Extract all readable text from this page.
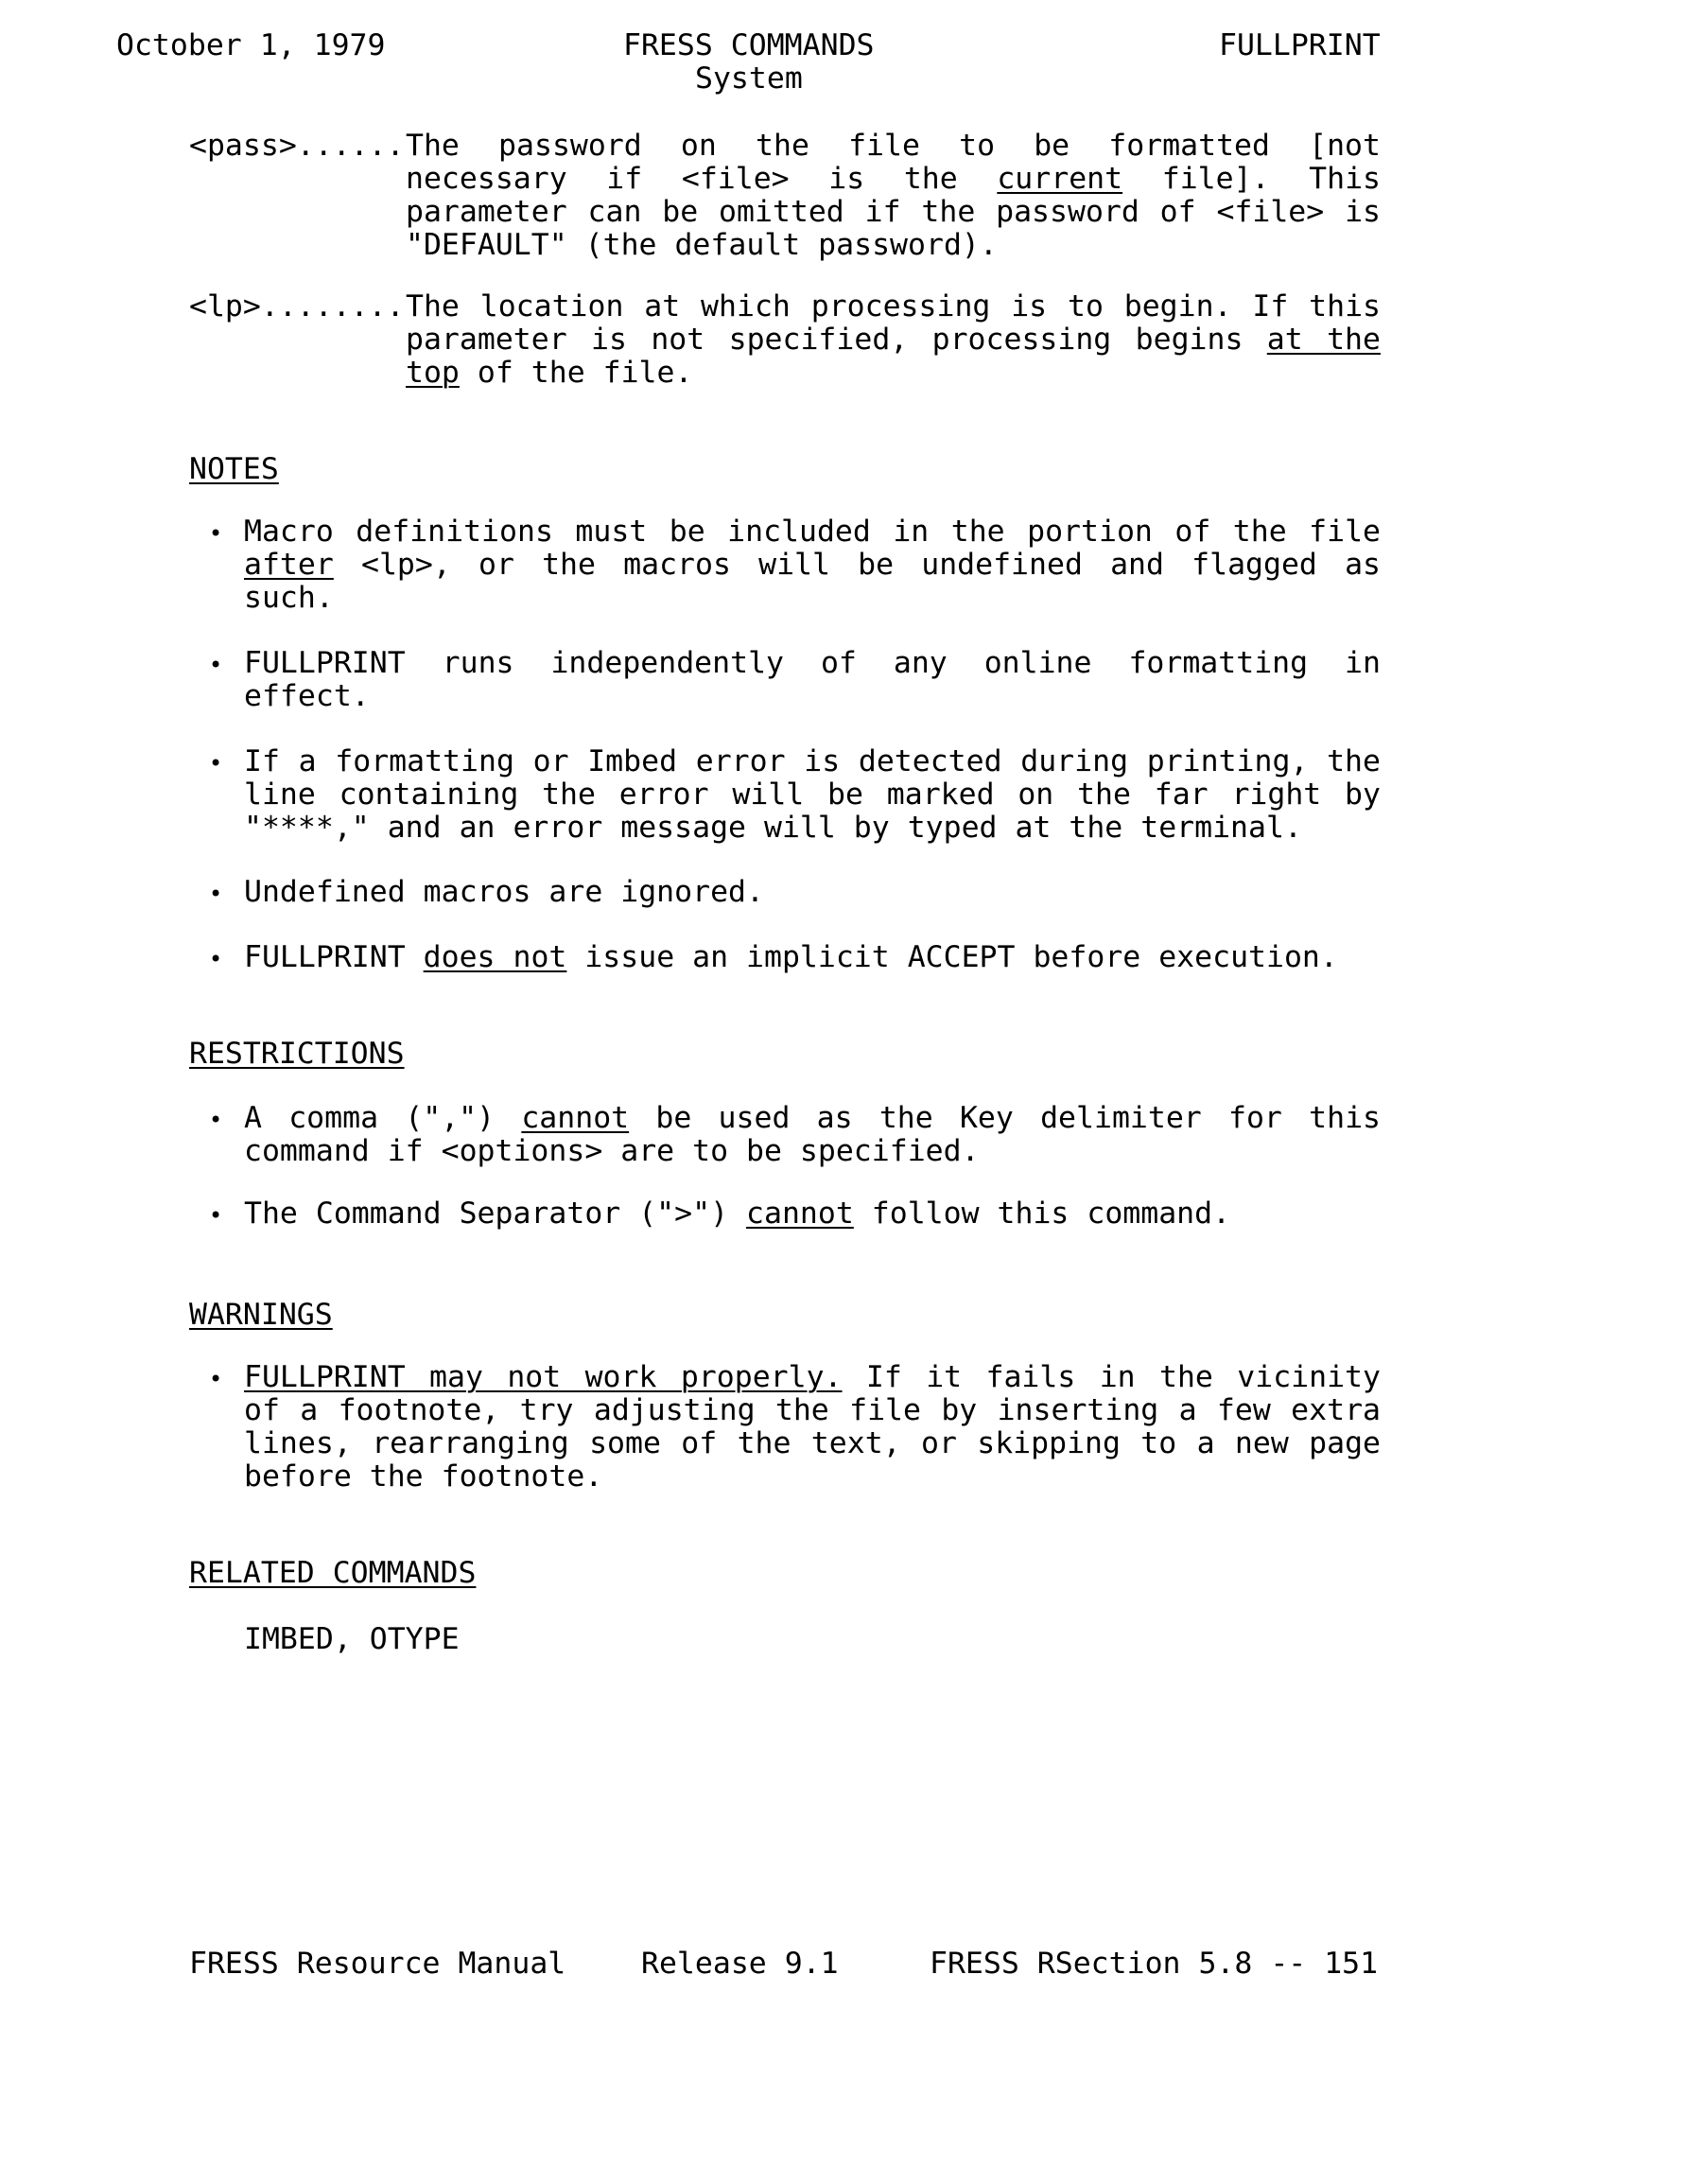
October 1, 1979	FRESS COMMANDS
System
FULLPRINT
<pass>...... The password on the file to be formatted [not
necessary if <file> is the current file]. This
parameter can be omitted if the password of <file> is
"DEFAULT" (the default password).
<lp>........ The location at which processing is to begin. If this
parameter is not specified, processing begins at the
top of the file.
NOTES
• Macro definitions must be included in the portion of the file
after <lp>, or the macros will be undefined and flagged as
such.
• FULLPRINT runs independently of any online formatting in
effect.
• If a formatting or Imbed error is detected during printing, the
line containing the error will be marked on the far right by
"****," and an error message will by typed at the terminal.
• Undefined macros are ignored.
• FULLPRINT does not issue an implicit ACCEPT before execution.
RESTRICTIONS
• A comma (",") cannot be used as the Key delimiter for this
command if <options> are to be specified.
• The Command Separator (">") cannot follow this command.
WARNINGS
• FULLPRINT may not work properly. If it fails in the vicinity
of a footnote, try adjusting the file by inserting a few extra
lines, rearranging some of the text, or skipping to a new page
before the footnote.
RELATED COMMANDS
IMBED, OTYPE
FRESS Resource Manual	Release 9.1	FRESS RSection 5.8 -- 151
